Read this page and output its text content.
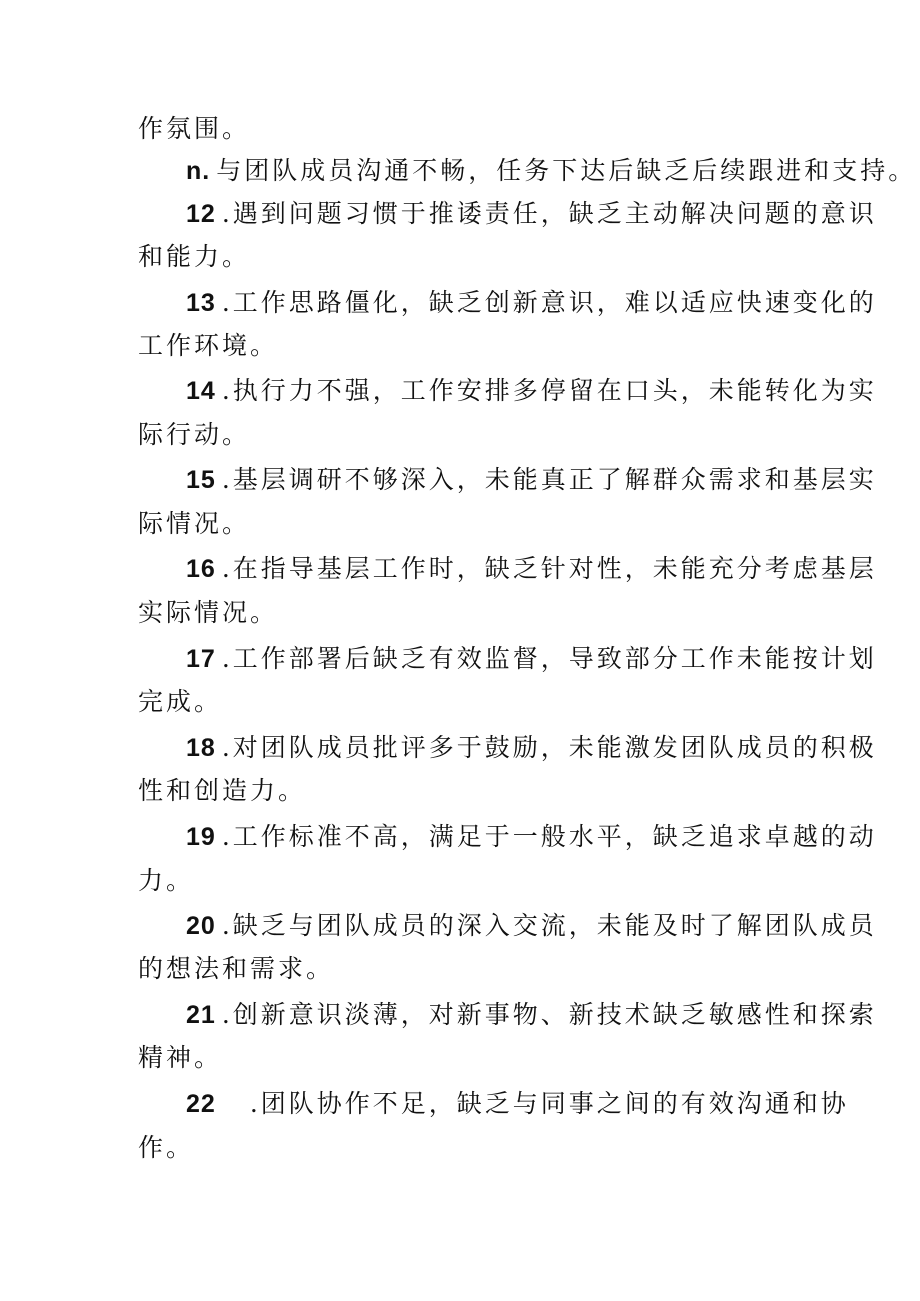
作氛围。
n. 与团队成员沟通不畅，任务下达后缺乏后续跟进和支持。
12 .遇到问题习惯于推诿责任，缺乏主动解决问题的意识
和能力。
13 .工作思路僵化，缺乏创新意识，难以适应快速变化的
工作环境。
14 .执行力不强，工作安排多停留在口头，未能转化为实
际行动。
15 .基层调研不够深入，未能真正了解群众需求和基层实
际情况。
16 .在指导基层工作时，缺乏针对性，未能充分考虑基层
实际情况。
17 .工作部署后缺乏有效监督，导致部分工作未能按计划
完成。
18 .对团队成员批评多于鼓励，未能激发团队成员的积极
性和创造力。
19 .工作标准不高，满足于一般水平，缺乏追求卓越的动
力。
20 .缺乏与团队成员的深入交流，未能及时了解团队成员
的想法和需求。
21 .创新意识淡薄，对新事物、新技术缺乏敏感性和探索
精神。
22 .团队协作不足，缺乏与同事之间的有效沟通和协
作。
